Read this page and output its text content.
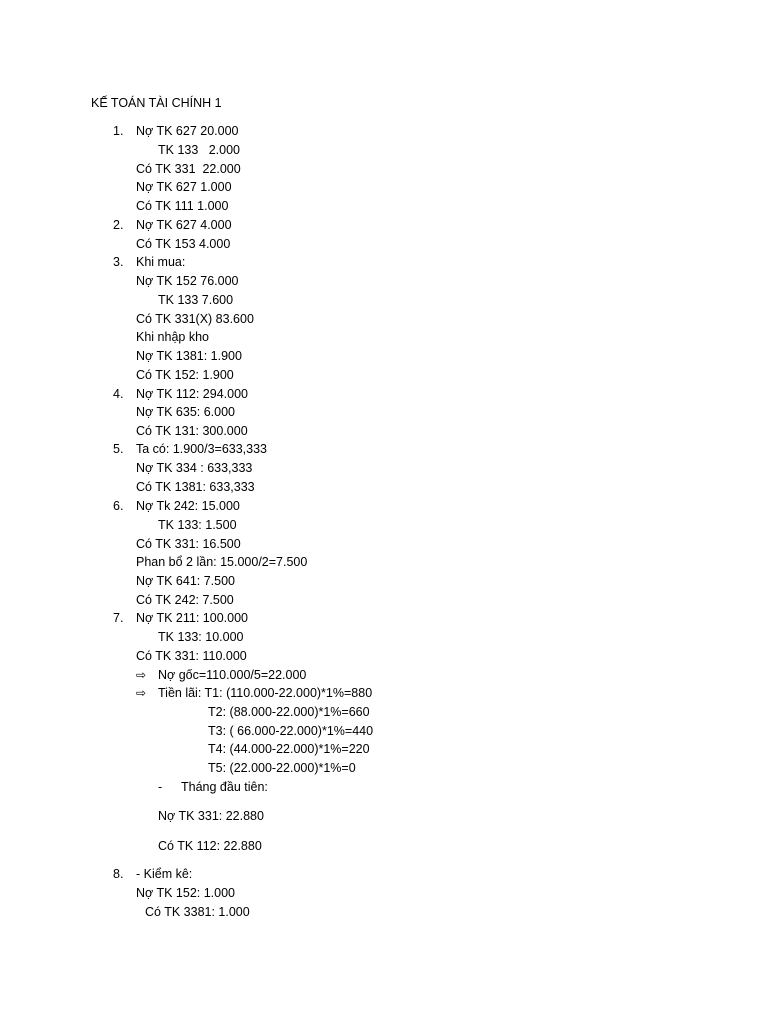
KẾ TOÁN TÀI CHÍNH 1
1. Nợ TK 627 20.000
TK 133   2.000
Có TK 331  22.000
Nợ TK 627 1.000
Có TK 111 1.000
2. Nợ TK 627 4.000
Có TK 153 4.000
3. Khi mua:
Nợ TK 152 76.000
TK 133 7.600
Có TK 331(X) 83.600
Khi nhập kho
Nợ TK 1381: 1.900
Có TK 152: 1.900
4. Nợ TK 112: 294.000
Nợ TK 635: 6.000
Có TK 131: 300.000
5. Ta có: 1.900/3=633,333
Nợ TK 334 : 633,333
Có TK 1381: 633,333
6. Nợ Tk 242: 15.000
TK 133: 1.500
Có TK 331: 16.500
Phan bổ 2 lần: 15.000/2=7.500
Nợ TK 641: 7.500
Có TK 242: 7.500
7. Nợ TK 211: 100.000
TK 133: 10.000
Có TK 331: 110.000
⇨ Nợ gốc=110.000/5=22.000
⇨ Tiền lãi: T1: (110.000-22.000)*1%=880
T2: (88.000-22.000)*1%=660
T3: ( 66.000-22.000)*1%=440
T4: (44.000-22.000)*1%=220
T5: (22.000-22.000)*1%=0
- Tháng đầu tiên:
Nợ TK 331: 22.880
Có TK 112: 22.880
8. - Kiểm kê:
Nợ TK 152: 1.000
Có TK 3381: 1.000
